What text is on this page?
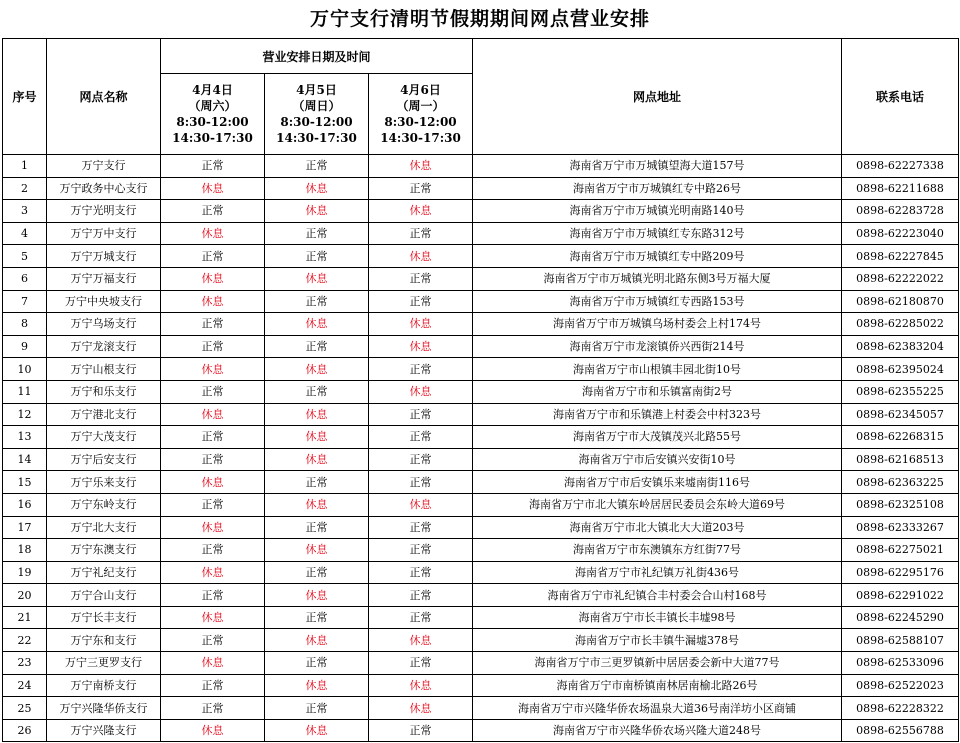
万宁支行清明节假期期间网点营业安排
序号	网点名称	营业安排日期及时间			网点地址	联系电话

		4月4日
（周六）
8:30-12:00
14:30-17:30	4月5日
（周日）
8:30-12:00
14:30-17:30	4月6日
（周一）
8:30-12:00
14:30-17:30		

1	万宁支行	正常	正常	休息	海南省万宁市万城镇望海大道157号	0898-62227338
2	万宁政务中心支行	休息	休息	正常	海南省万宁市万城镇红专中路26号	0898-62211688
3	万宁光明支行	正常	休息	休息	海南省万宁市万城镇光明南路140号	0898-62283728
4	万宁万中支行	休息	正常	正常	海南省万宁市万城镇红专东路312号	0898-62223040
5	万宁万城支行	正常	正常	休息	海南省万宁市万城镇红专中路209号	0898-62227845
6	万宁万福支行	休息	休息	正常	海南省万宁市万城镇光明北路东侧3号万福大厦	0898-62222022
7	万宁中央坡支行	休息	正常	正常	海南省万宁市万城镇红专西路153号	0898-62180870
8	万宁乌场支行	正常	休息	休息	海南省万宁市万城镇乌场村委会上村174号	0898-62285022
9	万宁龙滚支行	正常	正常	休息	海南省万宁市龙滚镇侨兴西街214号	0898-62383204
10	万宁山根支行	休息	休息	正常	海南省万宁市山根镇丰园北街10号	0898-62395024
11	万宁和乐支行	正常	正常	休息	海南省万宁市和乐镇富南街2号	0898-62355225
12	万宁港北支行	休息	休息	正常	海南省万宁市和乐镇港上村委会中村323号	0898-62345057
13	万宁大茂支行	正常	休息	正常	海南省万宁市大茂镇茂兴北路55号	0898-62268315
14	万宁后安支行	正常	休息	正常	海南省万宁市后安镇兴安街10号	0898-62168513
15	万宁乐来支行	休息	正常	正常	海南省万宁市后安镇乐来墟南街116号	0898-62363225
16	万宁东岭支行	正常	休息	休息	海南省万宁市北大镇东岭居居民委员会东岭大道69号	0898-62325108
17	万宁北大支行	休息	正常	正常	海南省万宁市北大镇北大大道203号	0898-62333267
18	万宁东澳支行	正常	休息	正常	海南省万宁市东澳镇东方红街77号	0898-62275021
19	万宁礼纪支行	休息	正常	正常	海南省万宁市礼纪镇万礼街436号	0898-62295176
20	万宁合山支行	正常	休息	正常	海南省万宁市礼纪镇合丰村委会合山村168号	0898-62291022
21	万宁长丰支行	休息	正常	正常	海南省万宁市长丰镇长丰墟98号	0898-62245290
22	万宁东和支行	正常	休息	休息	海南省万宁市长丰镇牛漏墟378号	0898-62588107
23	万宁三更罗支行	休息	正常	正常	海南省万宁市三更罗镇新中居居委会新中大道77号	0898-62533096
24	万宁南桥支行	正常	休息	休息	海南省万宁市南桥镇南林居南榆北路26号	0898-62522023
25	万宁兴隆华侨支行	正常	正常	休息	海南省万宁市兴隆华侨农场温泉大道36号南洋坊小区商铺	0898-62228322
26	万宁兴隆支行	休息	休息	正常	海南省万宁市兴隆华侨农场兴隆大道248号	0898-62556788
